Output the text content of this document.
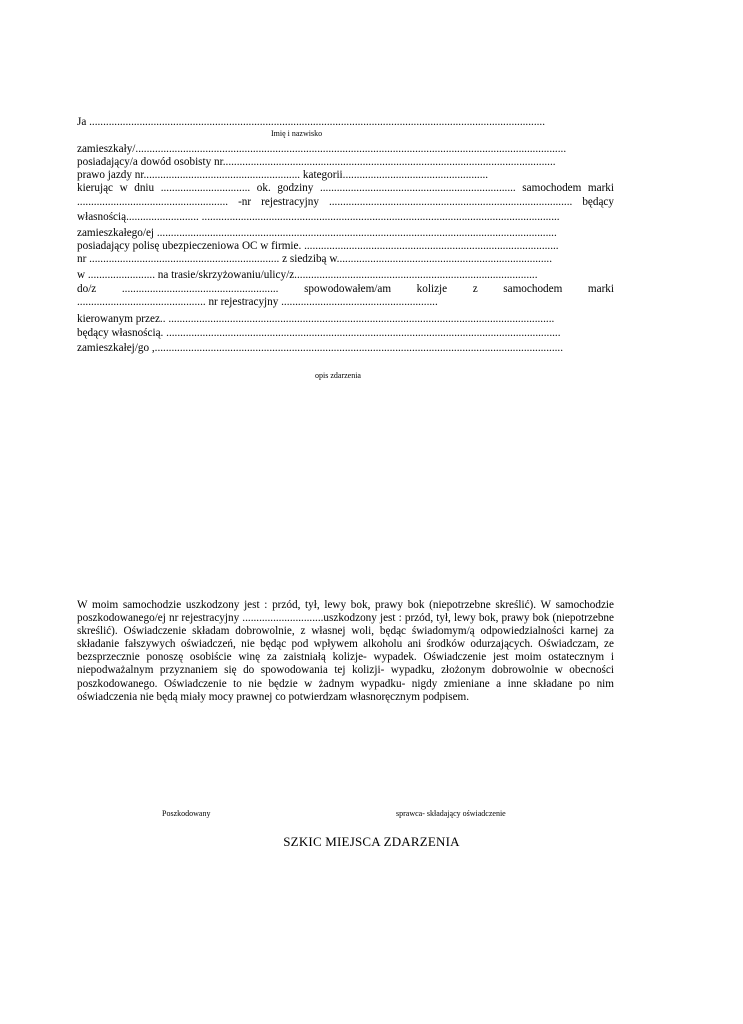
Ja ...................................................................................................................................................................
Imię i nazwisko
zamieszkały/..........................................................................................................................................................
posiadający/a dowód osobisty nr.......................................................................................................................
prawo jazdy nr........................................................ kategorii....................................................
kierując w dniu ................................ ok. godziny ...................................................................... samochodem marki
...................................................... -nr rejestracyjny ....................................................................................... będący
własnością.......................... ................................................................................................................................
zamieszkałego/ej ...............................................................................................................................................
posiadający polisę ubezpieczeniowa OC w firmie. ...........................................................................................
nr .................................................................... z siedzibą w.............................................................................
w ........................ na trasie/skrzyżowaniu/ulicy/z.......................................................................................
do/z ........................................................ spowodowałem/am kolizje z samochodem marki
.............................................. nr rejestracyjny ........................................................
kierowanym przez.. ..........................................................................................................................................
będący własnością. .............................................................................................................................................
zamieszkałej/go ,..................................................................................................................................................
opis zdarzenia

W moim samochodzie uszkodzony jest : przód, tył, lewy bok, prawy bok (niepotrzebne skreślić). W samochodzie poszkodowanego/ej nr rejestracyjny .............................uszkodzony jest : przód, tył, lewy bok, prawy bok (niepotrzebne skreślić). Oświadczenie składam dobrowolnie, z własnej woli, będąc świadomym/ą odpowiedzialności karnej za składanie fałszywych oświadczeń, nie będąc pod wpływem alkoholu ani środków odurzających. Oświadczam, ze bezsprzecznie ponoszę osobiście winę za zaistniałą kolizje- wypadek. Oświadczenie jest moim ostatecznym i niepodważalnym przyznaniem się do spowodowania tej kolizji- wypadku, złożonym dobrowolnie w obecności poszkodowanego. Oświadczenie to nie będzie w żadnym wypadku- nigdy zmieniane a inne składane po nim oświadczenia nie będą miały mocy prawnej co potwierdzam własnoręcznym podpisem.

Poszkodowany	sprawca- składający oświadczenie
SZKIC MIEJSCA ZDARZENIA
